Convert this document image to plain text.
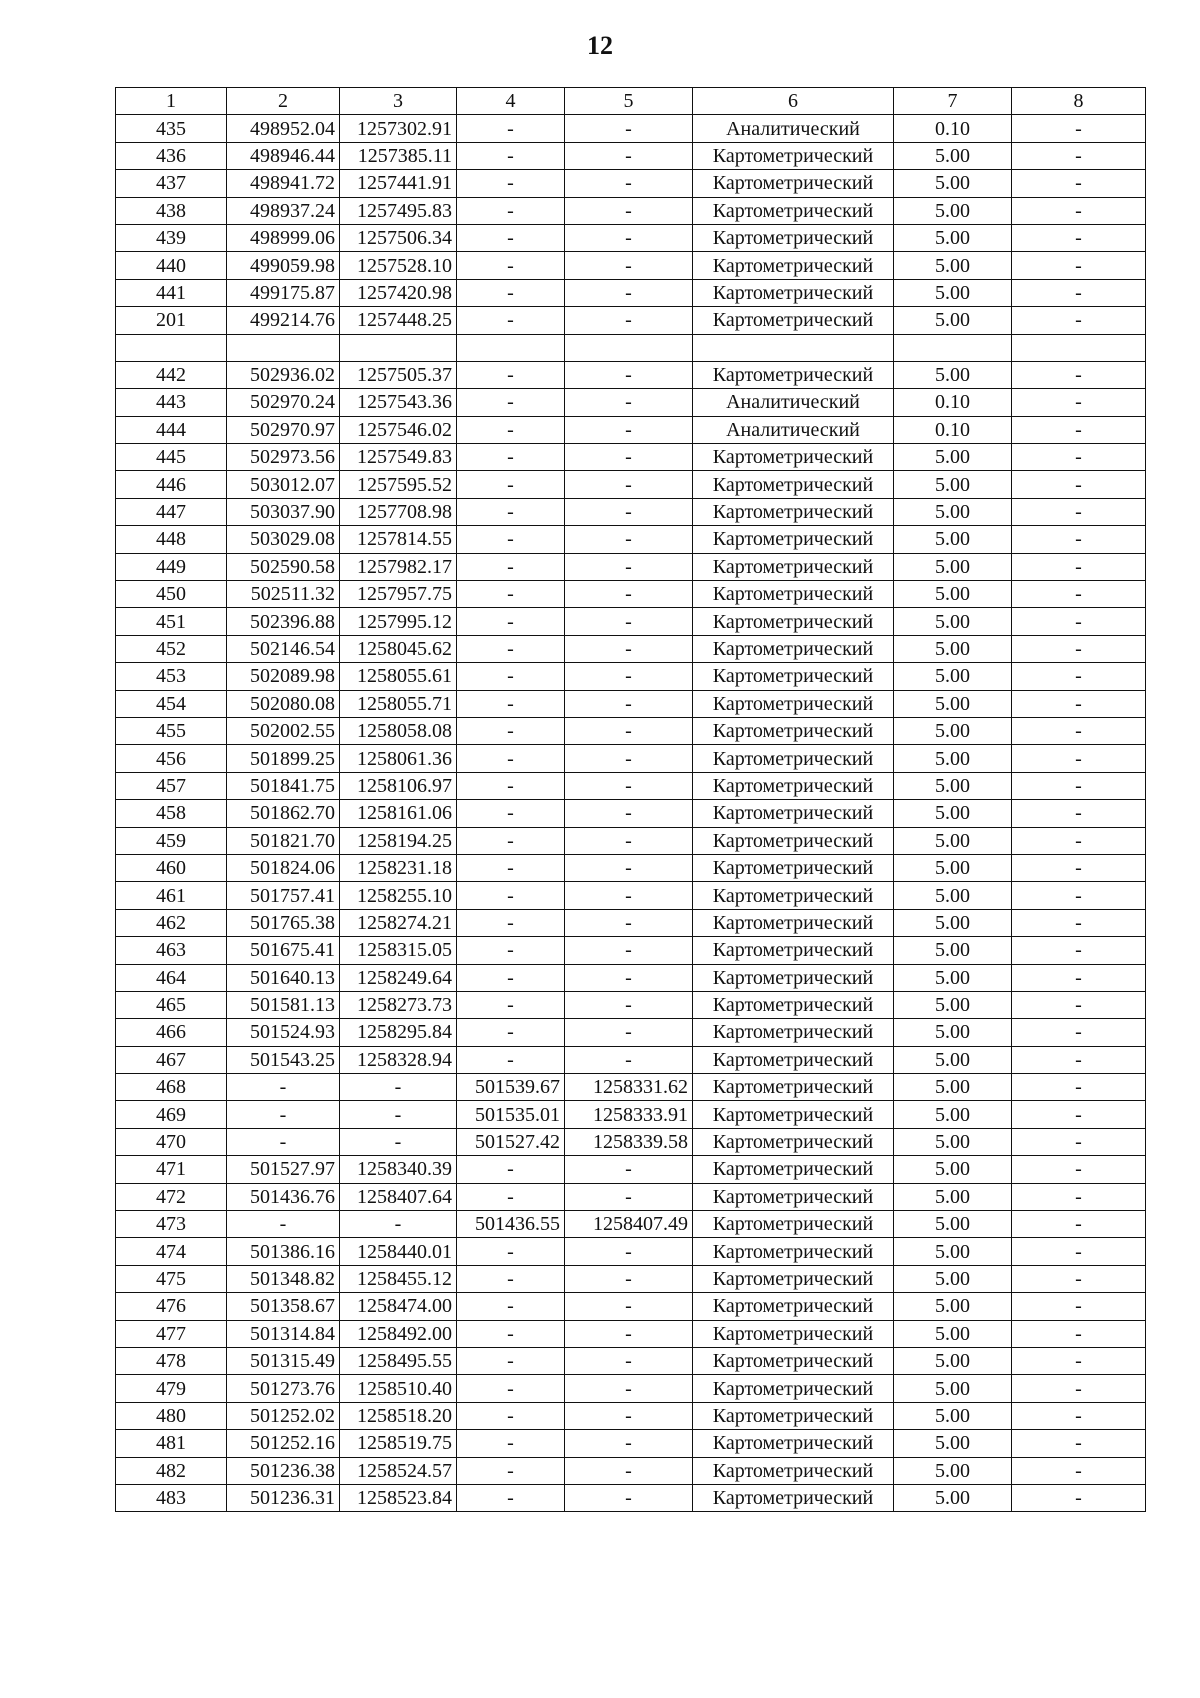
12
1	2	3	4	5	6	7	8
435	498952.04	1257302.91	-	-	Аналитический	0.10	-
436	498946.44	1257385.11	-	-	Картометрический	5.00	-
437	498941.72	1257441.91	-	-	Картометрический	5.00	-
438	498937.24	1257495.83	-	-	Картометрический	5.00	-
439	498999.06	1257506.34	-	-	Картометрический	5.00	-
440	499059.98	1257528.10	-	-	Картометрический	5.00	-
441	499175.87	1257420.98	-	-	Картометрический	5.00	-
201	499214.76	1257448.25	-	-	Картометрический	5.00	-

442	502936.02	1257505.37	-	-	Картометрический	5.00	-
443	502970.24	1257543.36	-	-	Аналитический	0.10	-
444	502970.97	1257546.02	-	-	Аналитический	0.10	-
445	502973.56	1257549.83	-	-	Картометрический	5.00	-
446	503012.07	1257595.52	-	-	Картометрический	5.00	-
447	503037.90	1257708.98	-	-	Картометрический	5.00	-
448	503029.08	1257814.55	-	-	Картометрический	5.00	-
449	502590.58	1257982.17	-	-	Картометрический	5.00	-
450	502511.32	1257957.75	-	-	Картометрический	5.00	-
451	502396.88	1257995.12	-	-	Картометрический	5.00	-
452	502146.54	1258045.62	-	-	Картометрический	5.00	-
453	502089.98	1258055.61	-	-	Картометрический	5.00	-
454	502080.08	1258055.71	-	-	Картометрический	5.00	-
455	502002.55	1258058.08	-	-	Картометрический	5.00	-
456	501899.25	1258061.36	-	-	Картометрический	5.00	-
457	501841.75	1258106.97	-	-	Картометрический	5.00	-
458	501862.70	1258161.06	-	-	Картометрический	5.00	-
459	501821.70	1258194.25	-	-	Картометрический	5.00	-
460	501824.06	1258231.18	-	-	Картометрический	5.00	-
461	501757.41	1258255.10	-	-	Картометрический	5.00	-
462	501765.38	1258274.21	-	-	Картометрический	5.00	-
463	501675.41	1258315.05	-	-	Картометрический	5.00	-
464	501640.13	1258249.64	-	-	Картометрический	5.00	-
465	501581.13	1258273.73	-	-	Картометрический	5.00	-
466	501524.93	1258295.84	-	-	Картометрический	5.00	-
467	501543.25	1258328.94	-	-	Картометрический	5.00	-
468	-	-	501539.67	1258331.62	Картометрический	5.00	-
469	-	-	501535.01	1258333.91	Картометрический	5.00	-
470	-	-	501527.42	1258339.58	Картометрический	5.00	-
471	501527.97	1258340.39	-	-	Картометрический	5.00	-
472	501436.76	1258407.64	-	-	Картометрический	5.00	-
473	-	-	501436.55	1258407.49	Картометрический	5.00	-
474	501386.16	1258440.01	-	-	Картометрический	5.00	-
475	501348.82	1258455.12	-	-	Картометрический	5.00	-
476	501358.67	1258474.00	-	-	Картометрический	5.00	-
477	501314.84	1258492.00	-	-	Картометрический	5.00	-
478	501315.49	1258495.55	-	-	Картометрический	5.00	-
479	501273.76	1258510.40	-	-	Картометрический	5.00	-
480	501252.02	1258518.20	-	-	Картометрический	5.00	-
481	501252.16	1258519.75	-	-	Картометрический	5.00	-
482	501236.38	1258524.57	-	-	Картометрический	5.00	-
483	501236.31	1258523.84	-	-	Картометрический	5.00	-
